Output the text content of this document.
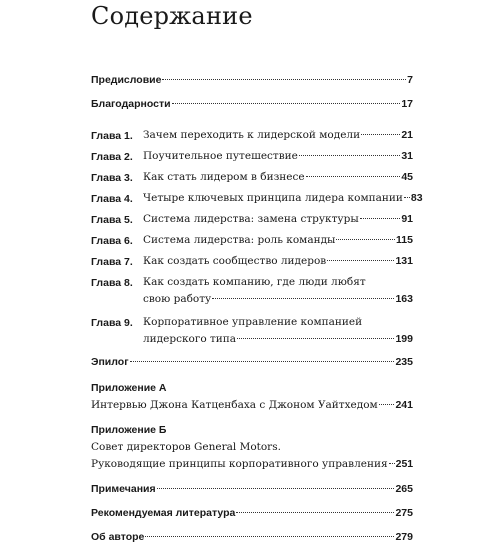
Содержание
Предисловие	7
Благодарности	17
Глава 1. Зачем переходить к лидерской модели	21
Глава 2. Поучительное путешествие	31
Глава 3. Как стать лидером в бизнесе	45
Глава 4. Четыре ключевых принципа лидера компании 83
Глава 5. Система лидерства: замена структуры	91
Глава 6. Система лидерства: роль команды	115
Глава 7. Как создать сообщество лидеров	131
Глава 8. Как создать компанию, где люди любят
свою работу	163
Глава 9. Корпоративное управление компанией
лидерского типа	199
Эпилог	235
Приложение А
Интервью Джона Катценбаха с Джоном Уайтхедом 241
Приложение Б
Совет директоров General Motors.
Руководящие принципы корпоративного управления 251
Примечания	265
Рекомендуемая литература	275
Об авторе	279
